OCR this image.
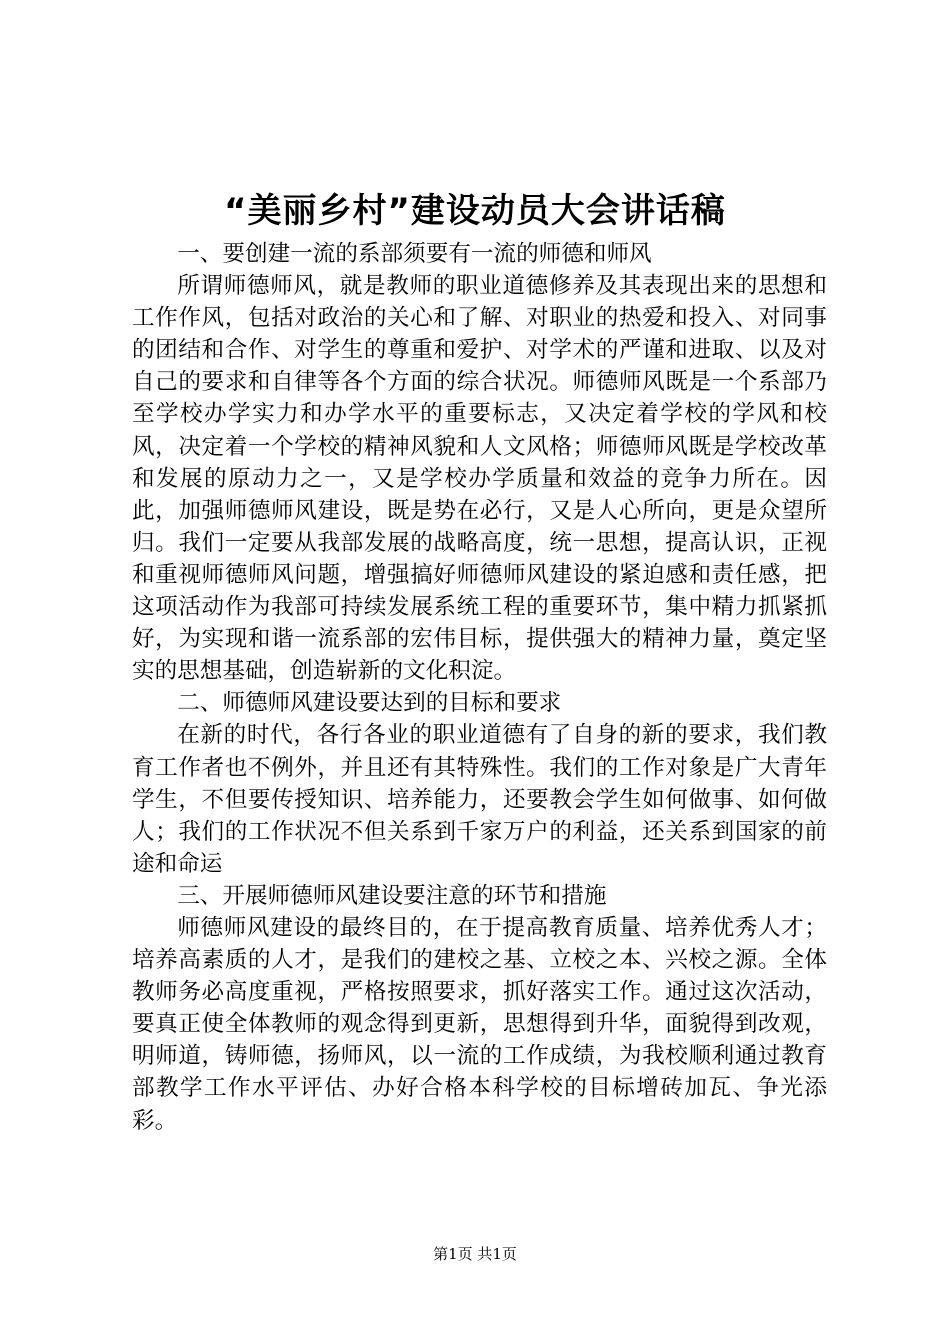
“美丽乡村”建设动员大会讲话稿

一、要创建一流的系部须要有一流的师德和师风

所谓师德师风，就是教师的职业道德修养及其表现出来的思想和工作作风，包括对政治的关心和了解、对职业的热爱和投入、对同事的团结和合作、对学生的尊重和爱护、对学术的严谨和进取、以及对自己的要求和自律等各个方面的综合状况。师德师风既是一个系部乃至学校办学实力和办学水平的重要标志，又决定着学校的学风和校风，决定着一个学校的精神风貌和人文风格；师德师风既是学校改革和发展的原动力之一，又是学校办学质量和效益的竞争力所在。因此，加强师德师风建设，既是势在必行，又是人心所向，更是众望所归。我们一定要从我部发展的战略高度，统一思想，提高认识，正视和重视师德师风问题，增强搞好师德师风建设的紧迫感和责任感，把这项活动作为我部可持续发展系统工程的重要环节，集中精力抓紧抓好，为实现和谐一流系部的宏伟目标，提供强大的精神力量，奠定坚实的思想基础，创造崭新的文化积淀。

二、师德师风建设要达到的目标和要求

在新的时代，各行各业的职业道德有了自身的新的要求，我们教育工作者也不例外，并且还有其特殊性。我们的工作对象是广大青年学生，不但要传授知识、培养能力，还要教会学生如何做事、如何做人；我们的工作状况不但关系到千家万户的利益，还关系到国家的前途和命运

三、开展师德师风建设要注意的环节和措施

师德师风建设的最终目的，在于提高教育质量、培养优秀人才；培养高素质的人才，是我们的建校之基、立校之本、兴校之源。全体教师务必高度重视，严格按照要求，抓好落实工作。通过这次活动，要真正使全体教师的观念得到更新，思想得到升华，面貌得到改观，明师道，铸师德，扬师风，以一流的工作成绩，为我校顺利通过教育部教学工作水平评估、办好合格本科学校的目标增砖加瓦、争光添彩。

第1页 共1页
